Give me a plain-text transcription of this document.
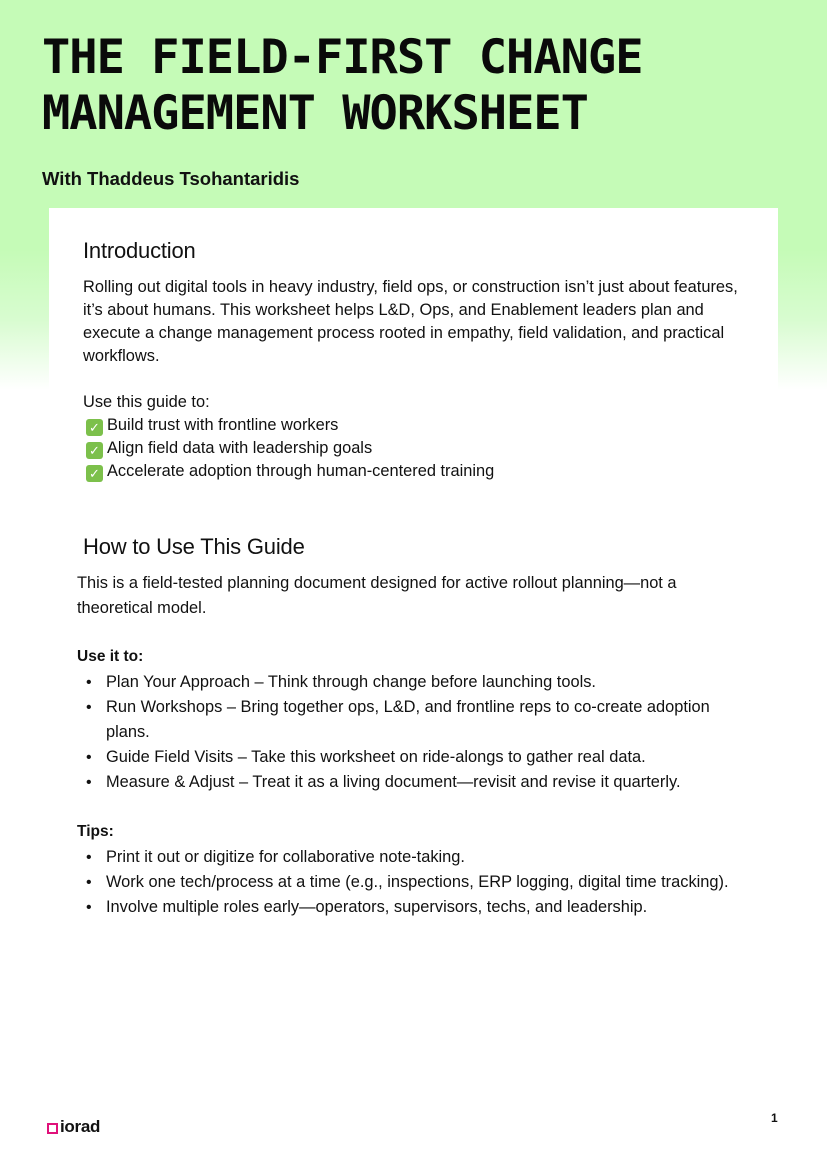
THE FIELD-FIRST CHANGE
MANAGEMENT WORKSHEET

With Thaddeus Tsohantaridis

Introduction

Rolling out digital tools in heavy industry, field ops, or construction isn’t just about features, it’s about humans. This worksheet helps L&D, Ops, and Enablement leaders plan and execute a change management process rooted in empathy, field validation, and practical workflows.

Use this guide to:

✓ Build trust with frontline workers
✓ Align field data with leadership goals
✓ Accelerate adoption through human-centered training
How to Use This Guide

This is a field-tested planning document designed for active rollout planning—not a theoretical model.

Use it to:

• Plan Your Approach – Think through change before launching tools.
• Run Workshops – Bring together ops, L&D, and frontline reps to co-create adoption plans.
• Guide Field Visits – Take this worksheet on ride-alongs to gather real data.
• Measure & Adjust – Treat it as a living document—revisit and revise it quarterly.

Tips:

• Print it out or digitize for collaborative note-taking.
• Work one tech/process at a time (e.g., inspections, ERP logging, digital time tracking).
• Involve multiple roles early—operators, supervisors, techs, and leadership.
iorad	1
